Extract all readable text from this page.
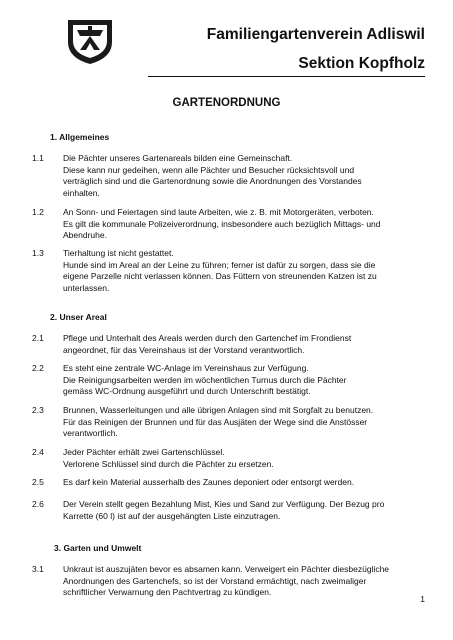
Familiengartenverein Adliswil
Sektion Kopfholz
GARTENORDNUNG
1. Allgemeines
1.1 Die Pächter unseres Gartenareals bilden eine Gemeinschaft.
Diese kann nur gedeihen, wenn alle Pächter und Besucher rücksichtsvoll und
verträglich sind und die Gartenordnung sowie die Anordnungen des Vorstandes
einhalten.
1.2 An Sonn- und Feiertagen sind laute Arbeiten, wie z. B. mit Motorgeräten, verboten.
Es gilt die kommunale Polizeiverordnung, insbesondere auch bezüglich Mittags- und
Abendruhe.
1.3 Tierhaltung ist nicht gestattet.
Hunde sind im Areal an der Leine zu führen; ferner ist dafür zu sorgen, dass sie die
eigene Parzelle nicht verlassen können. Das Füttern von streunenden Katzen ist zu
unterlassen.
2. Unser Areal
2.1 Pflege und Unterhalt des Areals werden durch den Gartenchef im Frondienst
angeordnet, für das Vereinshaus ist der Vorstand verantwortlich.
2.2 Es steht eine zentrale WC-Anlage im Vereinshaus zur Verfügung.
Die Reinigungsarbeiten werden im wöchentlichen Turnus durch die Pächter
gemäss WC-Ordnung ausgeführt und durch Unterschrift bestätigt.
2.3 Brunnen, Wasserleitungen und alle übrigen Anlagen sind mit Sorgfalt zu benutzen.
Für das Reinigen der Brunnen und für das Ausjäten der Wege sind die Anstösser
verantwortlich.
2.4 Jeder Pächter erhält zwei Gartenschlüssel.
Verlorene Schlüssel sind durch die Pächter zu ersetzen.
2.5 Es darf kein Material ausserhalb des Zaunes deponiert oder entsorgt werden.
2.6 Der Verein stellt gegen Bezahlung Mist, Kies und Sand zur Verfügung. Der Bezug pro
Karrette (60 l) ist auf der ausgehängten Liste einzutragen.
3. Garten und Umwelt
3.1 Unkraut ist auszujäten bevor es absamen kann. Verweigert ein Pächter diesbezügliche
Anordnungen des Gartenchefs, so ist der Vorstand ermächtigt, nach zweimaliger
schriftlicher Verwarnung den Pachtvertrag zu kündigen.
1
